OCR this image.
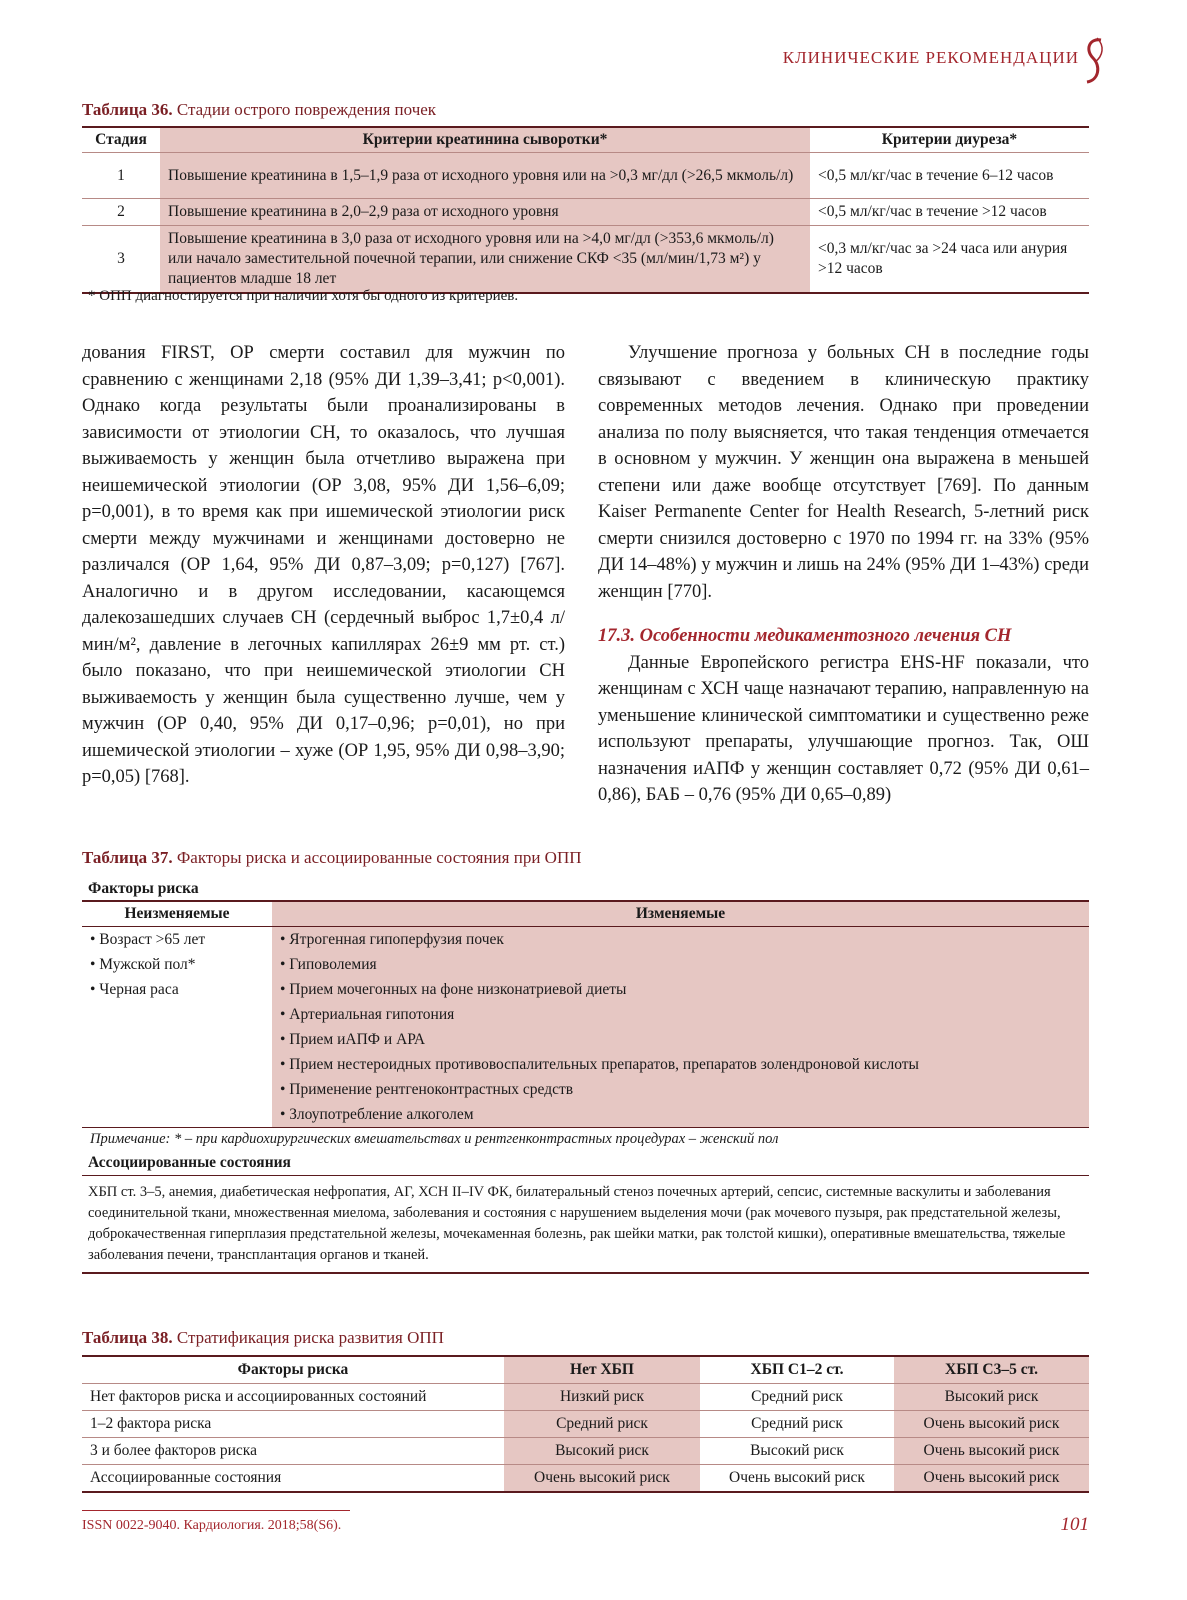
КЛИНИЧЕСКИЕ РЕКОМЕНДАЦИИ
Таблица 36. Стадии острого повреждения почек
Стадия	Критерии креатинина сыворотки*	Критерии диуреза*
1	Повышение креатинина в 1,5–1,9 раза от исходного уровня или на >0,3 мг/дл (>26,5 мкмоль/л)	<0,5 мл/кг/час в течение 6–12 часов
2	Повышение креатинина в 2,0–2,9 раза от исходного уровня	<0,5 мл/кг/час в течение >12 часов
3	Повышение креатинина в 3,0 раза от исходного уровня или на >4,0 мг/дл (>353,6 мкмоль/л) или начало заместительной почечной терапии, или снижение СКФ <35 (мл/мин/1,73 м²) у пациентов младше 18 лет	<0,3 мл/кг/час за >24 часа или анурия >12 часов
* ОПП диагностируется при наличии хотя бы одного из критериев.

дования FIRST, ОР смерти составил для мужчин по сравнению с женщинами 2,18 (95% ДИ 1,39–3,41; p<0,001). Однако когда результаты были проанализированы в зависимости от этиологии СН, то оказалось, что лучшая выживаемость у женщин была отчетливо выражена при неишемической этиологии (ОР 3,08, 95% ДИ 1,56–6,09; p=0,001), в то время как при ишемической этиологии риск смерти между мужчинами и женщинами достоверно не различался (ОР 1,64, 95% ДИ 0,87–3,09; p=0,127) [767]. Аналогично и в другом исследовании, касающемся далекозашедших случаев СН (сердечный выброс 1,7±0,4 л/мин/м², давление в легочных капиллярах 26±9 мм рт. ст.) было показано, что при неишемической этиологии СН выживаемость у женщин была существенно лучше, чем у мужчин (ОР 0,40, 95% ДИ 0,17–0,96; p=0,01), но при ишемической этиологии – хуже (ОР 1,95, 95% ДИ 0,98–3,90; p=0,05) [768].

Улучшение прогноза у больных СН в последние годы связывают с введением в клиническую практику современных методов лечения. Однако при проведении анализа по полу выясняется, что такая тенденция отмечается в основном у мужчин. У женщин она выражена в меньшей степени или даже вообще отсутствует [769]. По данным Kaiser Permanente Center for Health Research, 5-летний риск смерти снизился достоверно с 1970 по 1994 гг. на 33% (95% ДИ 14–48%) у мужчин и лишь на 24% (95% ДИ 1–43%) среди женщин [770].

17.3. Особенности медикаментозного лечения СН

Данные Европейского регистра EHS-HF показали, что женщинам с ХСН чаще назначают терапию, направленную на уменьшение клинической симптоматики и существенно реже используют препараты, улучшающие прогноз. Так, ОШ назначения иАПФ у женщин составляет 0,72 (95% ДИ 0,61–0,86), БАБ – 0,76 (95% ДИ 0,65–0,89)

Таблица 37. Факторы риска и ассоциированные состояния при ОПП
Факторы риска
Неизменяемые	Изменяемые
• Возраст >65 лет	• Ятрогенная гипоперфузия почек
• Мужской пол*	• Гиповолемия
• Черная раса	• Прием мочегонных на фоне низконатриевой диеты
	• Артериальная гипотония
	• Прием иАПФ и АРА
	• Прием нестероидных противовоспалительных препаратов, препаратов золендроновой кислоты
	• Применение рентгеноконтрастных средств
	• Злоупотребление алкоголем
Примечание: * – при кардиохирургических вмешательствах и рентгенконтрастных процедурах – женский пол
Ассоциированные состояния
ХБП ст. 3–5, анемия, диабетическая нефропатия, АГ, ХСН II–IV ФК, билатеральный стеноз почечных артерий, сепсис, системные васкулиты и заболевания соединительной ткани, множественная миелома, заболевания и состояния с нарушением выделения мочи (рак мочевого пузыря, рак предстательной железы, доброкачественная гиперплазия предстательной железы, мочекаменная болезнь, рак шейки матки, рак толстой кишки), оперативные вмешательства, тяжелые заболевания печени, трансплантация органов и тканей.
Таблица 38. Стратификация риска развития ОПП
Факторы риска	Нет ХБП	ХБП С1–2 ст.	ХБП С3–5 ст.
Нет факторов риска и ассоциированных состояний	Низкий риск	Средний риск	Высокий риск
1–2 фактора риска	Средний риск	Средний риск	Очень высокий риск
3 и более факторов риска	Высокий риск	Высокий риск	Очень высокий риск
Ассоциированные состояния	Очень высокий риск	Очень высокий риск	Очень высокий риск
ISSN 0022-9040. Кардиология. 2018;58(S6).	101
